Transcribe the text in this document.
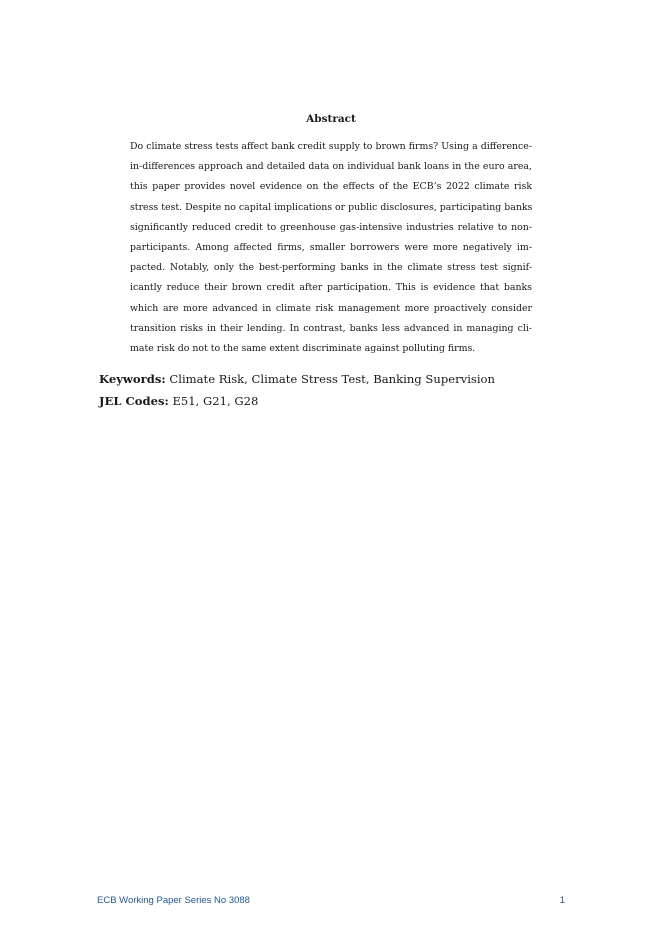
Abstract
Do climate stress tests affect bank credit supply to brown firms? Using a difference-
in-differences approach and detailed data on individual bank loans in the euro area,
this paper provides novel evidence on the effects of the ECB’s 2022 climate risk
stress test. Despite no capital implications or public disclosures, participating banks
significantly reduced credit to greenhouse gas-intensive industries relative to non-
participants. Among affected firms, smaller borrowers were more negatively im-
pacted. Notably, only the best-performing banks in the climate stress test signif-
icantly reduce their brown credit after participation. This is evidence that banks
which are more advanced in climate risk management more proactively consider
transition risks in their lending. In contrast, banks less advanced in managing cli-
mate risk do not to the same extent discriminate against polluting firms.
Keywords: Climate Risk, Climate Stress Test, Banking Supervision
JEL Codes: E51, G21, G28
ECB Working Paper Series No 3088	1
